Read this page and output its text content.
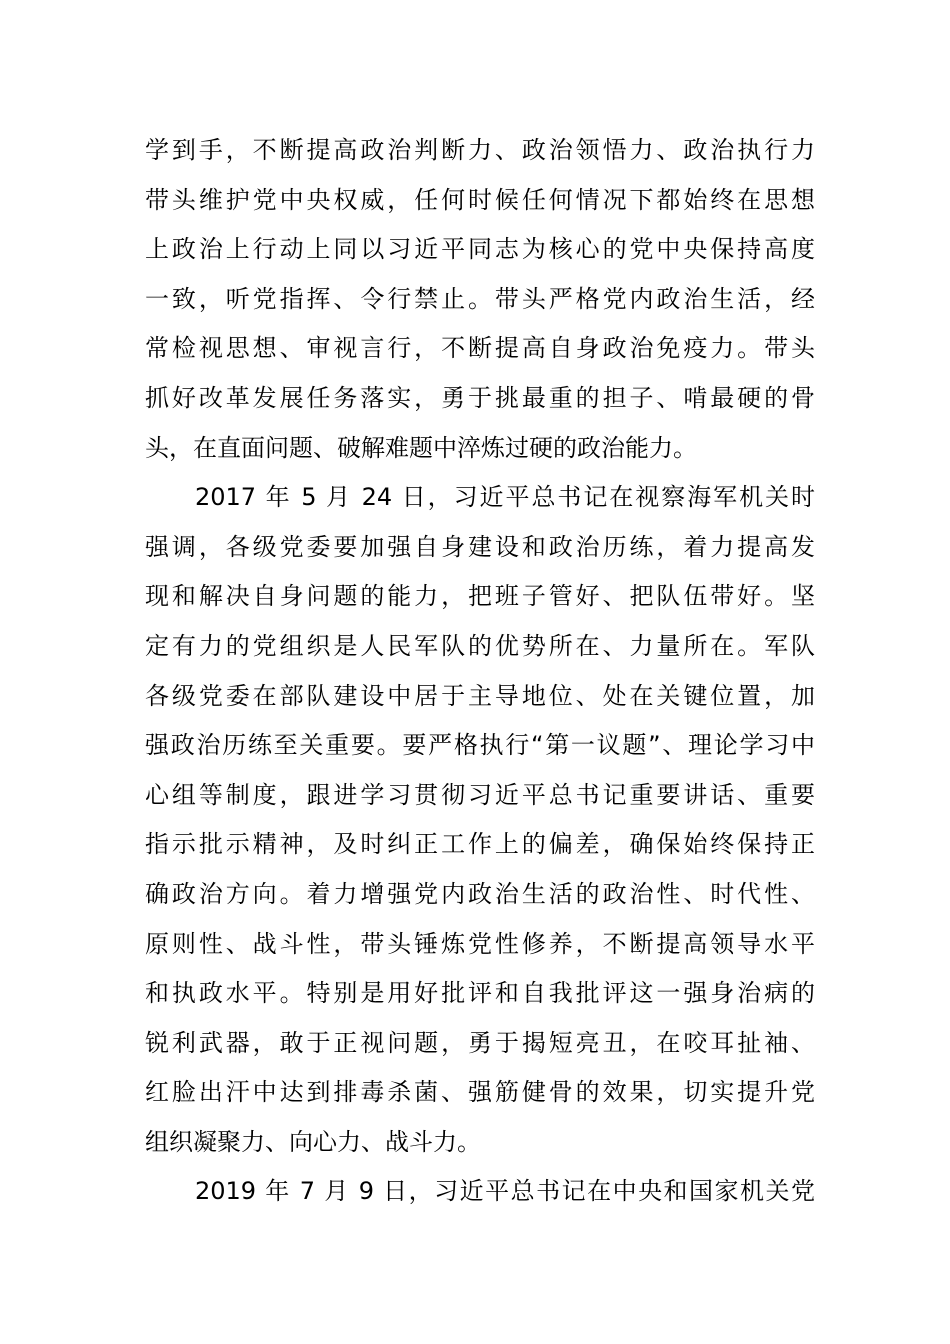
学到手，不断提高政治判断力、政治领悟力、政治执行力
带头维护党中央权威，任何时候任何情况下都始终在思想
上政治上行动上同以习近平同志为核心的党中央保持高度
一致，听党指挥、令行禁止。带头严格党内政治生活，经
常检视思想、审视言行，不断提高自身政治免疫力。带头
抓好改革发展任务落实，勇于挑最重的担子、啃最硬的骨
头，在直面问题、破解难题中淬炼过硬的政治能力。
2017 年 5 月 24 日，习近平总书记在视察海军机关时
强调，各级党委要加强自身建设和政治历练，着力提高发
现和解决自身问题的能力，把班子管好、把队伍带好。坚
定有力的党组织是人民军队的优势所在、力量所在。军队
各级党委在部队建设中居于主导地位、处在关键位置，加
强政治历练至关重要。要严格执行“第一议题”、理论学习中
心组等制度，跟进学习贯彻习近平总书记重要讲话、重要
指示批示精神，及时纠正工作上的偏差，确保始终保持正
确政治方向。着力增强党内政治生活的政治性、时代性、
原则性、战斗性，带头锤炼党性修养，不断提高领导水平
和执政水平。特别是用好批评和自我批评这一强身治病的
锐利武器，敢于正视问题，勇于揭短亮丑，在咬耳扯袖、
红脸出汗中达到排毒杀菌、强筋健骨的效果，切实提升党
组织凝聚力、向心力、战斗力。
2019 年 7 月 9 日，习近平总书记在中央和国家机关党
